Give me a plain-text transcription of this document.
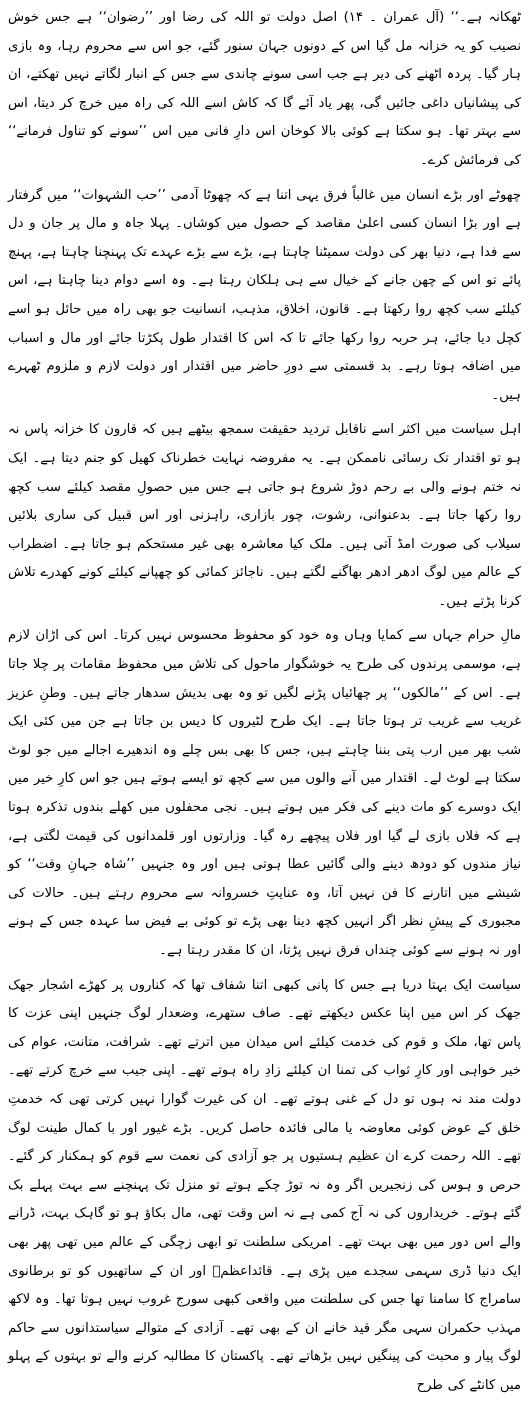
ٹھکانہ ہے۔‘‘ (آل عمران ۔ ۱۴) اصل دولت تو اللہ کی رضا اور ’’رضوان‘‘ ہے جس خوش نصیب کو یہ خزانہ مل گیا اس کے دونوں جہان سنور گئے، جو اس سے محروم رہا، وہ بازی ہار گیا۔ پردہ اٹھنے کی دیر ہے جب اسی سونے چاندی سے جس کے انبار لگاتے نہیں تھکتے، ان کی پیشانیاں داغی جائیں گی، پھر یاد آئے گا کہ کاش اسے اللہ کی راہ میں خرچ کر دیتا، اس سے بہتر تھا۔ ہو سکتا ہے کوئی بالا کوخان اس دارِ فانی میں اس ’’سونے کو تناول فرمانے‘‘ کی فرمائش کرے۔

چھوٹے اور بڑے انسان میں غالباً فرق یہی اتنا ہے کہ چھوٹا آدمی ’’حب الشہوات‘‘ میں گرفتار ہے اور بڑا انسان کسی اعلیٰ مقاصد کے حصول میں کوشاں۔ پہلا جاہ و مال پر جان و دل سے فدا ہے، دنیا بھر کی دولت سمیٹنا چاہتا ہے، بڑے سے بڑے عہدے تک پہنچنا چاہتا ہے، پہنچ پائے تو اس کے چھن جانے کے خیال سے ہی ہلکان رہتا ہے۔ وہ اسے دوام دینا چاہتا ہے، اس کیلئے سب کچھ روا رکھتا ہے۔ قانون، اخلاق، مذہب، انسانیت جو بھی راہ میں حائل ہو اسے کچل دیا جائے، ہر حربہ روا رکھا جائے تا کہ اس کا اقتدار طول پکڑتا جائے اور مال و اسباب میں اضافہ ہوتا رہے۔ بد قسمتی سے دورِ حاضر میں اقتدار اور دولت لازم و ملزوم ٹھہرے ہیں۔

اہل سیاست میں اکثر اسے ناقابل تردید حقیقت سمجھ بیٹھے ہیں کہ قارون کا خزانہ پاس نہ ہو تو اقتدار تک رسائی ناممکن ہے۔ یہ مفروضہ نہایت خطرناک کھیل کو جنم دیتا ہے۔ ایک نہ ختم ہونے والی بے رحم دوڑ شروع ہو جاتی ہے جس میں حصولِ مقصد کیلئے سب کچھ روا رکھا جاتا ہے۔ بدعنوانی، رشوت، چور بازاری، راہزنی اور اس قبیل کی ساری بلائیں سیلاب کی صورت امڈ آتی ہیں۔ ملک کیا معاشرہ بھی غیر مستحکم ہو جاتا ہے۔ اضطراب کے عالم میں لوگ ادھر ادھر بھاگنے لگتے ہیں۔ ناجائز کمائی کو چھپانے کیلئے کونے کھدرے تلاش کرنا پڑتے ہیں۔

مالِ حرام جہاں سے کمایا وہاں وہ خود کو محفوظ محسوس نہیں کرتا۔ اس کی اڑان لازم ہے، موسمی پرندوں کی طرح یہ خوشگوار ماحول کی تلاش میں محفوظ مقامات پر چلا جاتا ہے۔ اس کے ’’مالکوں‘‘ پر چھائیاں پڑنے لگیں تو وہ بھی بدیش سدھار جاتے ہیں۔ وطنِ عزیز غریب سے غریب تر ہوتا جاتا ہے۔ ایک طرح لٹیروں کا دیس بن جاتا ہے جن میں کئی ایک شب بھر میں ارب پتی بننا چاہتے ہیں، جس کا بھی بس چلے وہ اندھیرے اجالے میں جو لوٹ سکتا ہے لوٹ لے۔ اقتدار میں آنے والوں میں سے کچھ تو ایسے ہوتے ہیں جو اس کارِ خیر میں ایک دوسرے کو مات دینے کی فکر میں ہوتے ہیں۔ نجی محفلوں میں کھلے بندوں تذکرہ ہوتا ہے کہ فلاں بازی لے گیا اور فلاں پیچھے رہ گیا۔ وزارتوں اور قلمدانوں کی قیمت لگتی ہے، نیاز مندوں کو دودھ دینے والی گائیں عطا ہوتی ہیں اور وہ جنہیں ’’شاہ جہانِ وقت‘‘ کو شیشے میں اتارنے کا فن نہیں آتا، وہ عنایتِ خسروانہ سے محروم رہتے ہیں۔ حالات کی مجبوری کے پیشِ نظر اگر انہیں کچھ دینا بھی پڑے تو کوئی بے فیض سا عہدہ جس کے ہونے اور نہ ہونے سے کوئی چنداں فرق نہیں پڑتا، ان کا مقدر رہتا ہے۔

سیاست ایک بہتا دریا ہے جس کا پانی کبھی اتنا شفاف تھا کہ کناروں پر کھڑے اشجار جھک جھک کر اس میں اپنا عکس دیکھتے تھے۔ صاف ستھرے، وضعدار لوگ جنہیں اپنی عزت کا پاس تھا، ملک و قوم کی خدمت کیلئے اس میدان میں اترتے تھے۔ شرافت، متانت، عوام کی خیر خواہی اور کارِ ثواب کی تمنا ان کیلئے زادِ راہ ہوتے تھے۔ اپنی جیب سے خرچ کرتے تھے۔ دولت مند نہ ہوں تو دل کے غنی ہوتے تھے۔ ان کی غیرت گوارا نہیں کرتی تھی کہ خدمتِ خلق کے عوض کوئی معاوضہ یا مالی فائدہ حاصل کریں۔ بڑے غیور اور با کمال طینت لوگ تھے۔ اللہ رحمت کرے ان عظیم ہستیوں پر جو آزادی کی نعمت سے قوم کو ہمکنار کر گئے۔ حرص و ہوس کی زنجیریں اگر وہ نہ توڑ چکے ہوتے تو منزل تک پہنچنے سے بہت پہلے بک گئے ہوتے۔ خریداروں کی نہ آج کمی ہے نہ اس وقت تھی، مال بکاؤ ہو تو گاہک بہت، ڈرانے والے اس دور میں بھی بہت تھے۔ امریکی سلطنت تو ابھی زچگی کے عالم میں تھی پھر بھی ایک دنیا ڈری سہمی سجدے میں پڑی ہے۔ قائداعظمؒ اور ان کے ساتھیوں کو تو برطانوی سامراج کا سامنا تھا جس کی سلطنت میں واقعی کبھی سورج غروب نہیں ہوتا تھا۔ وہ لاکھ مہذب حکمران سہی مگر قید خانے ان کے بھی تھے۔ آزادی کے متوالے سیاستدانوں سے حاکم لوگ پیار و محبت کی پینگیں نہیں بڑھاتے تھے۔ پاکستان کا مطالبہ کرنے والے تو بہتوں کے پہلو میں کانٹے کی طرح
